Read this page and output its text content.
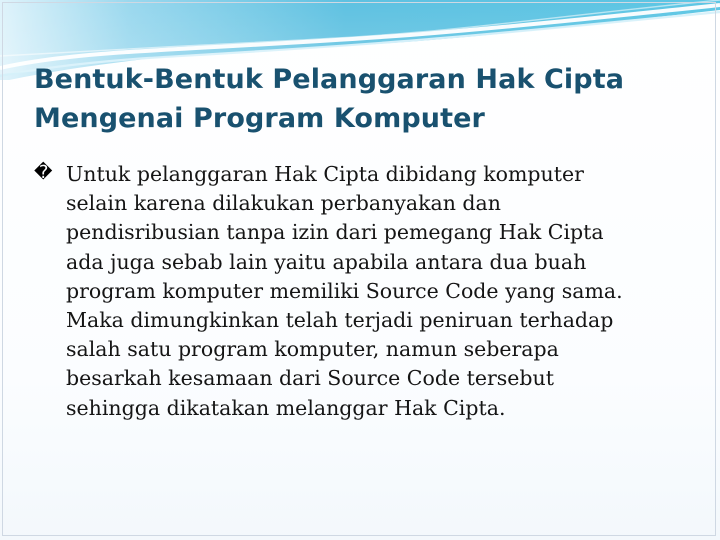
Bentuk-Bentuk Pelanggaran Hak Cipta
Mengenai Program Komputer
� Untuk pelanggaran Hak Cipta dibidang komputer
selain karena dilakukan perbanyakan dan
pendisribusian tanpa izin dari pemegang Hak Cipta
ada juga sebab lain yaitu apabila antara dua buah
program komputer memiliki Source Code yang sama.
Maka dimungkinkan telah terjadi peniruan terhadap
salah satu program komputer, namun seberapa
besarkah kesamaan dari Source Code tersebut
sehingga dikatakan melanggar Hak Cipta.
